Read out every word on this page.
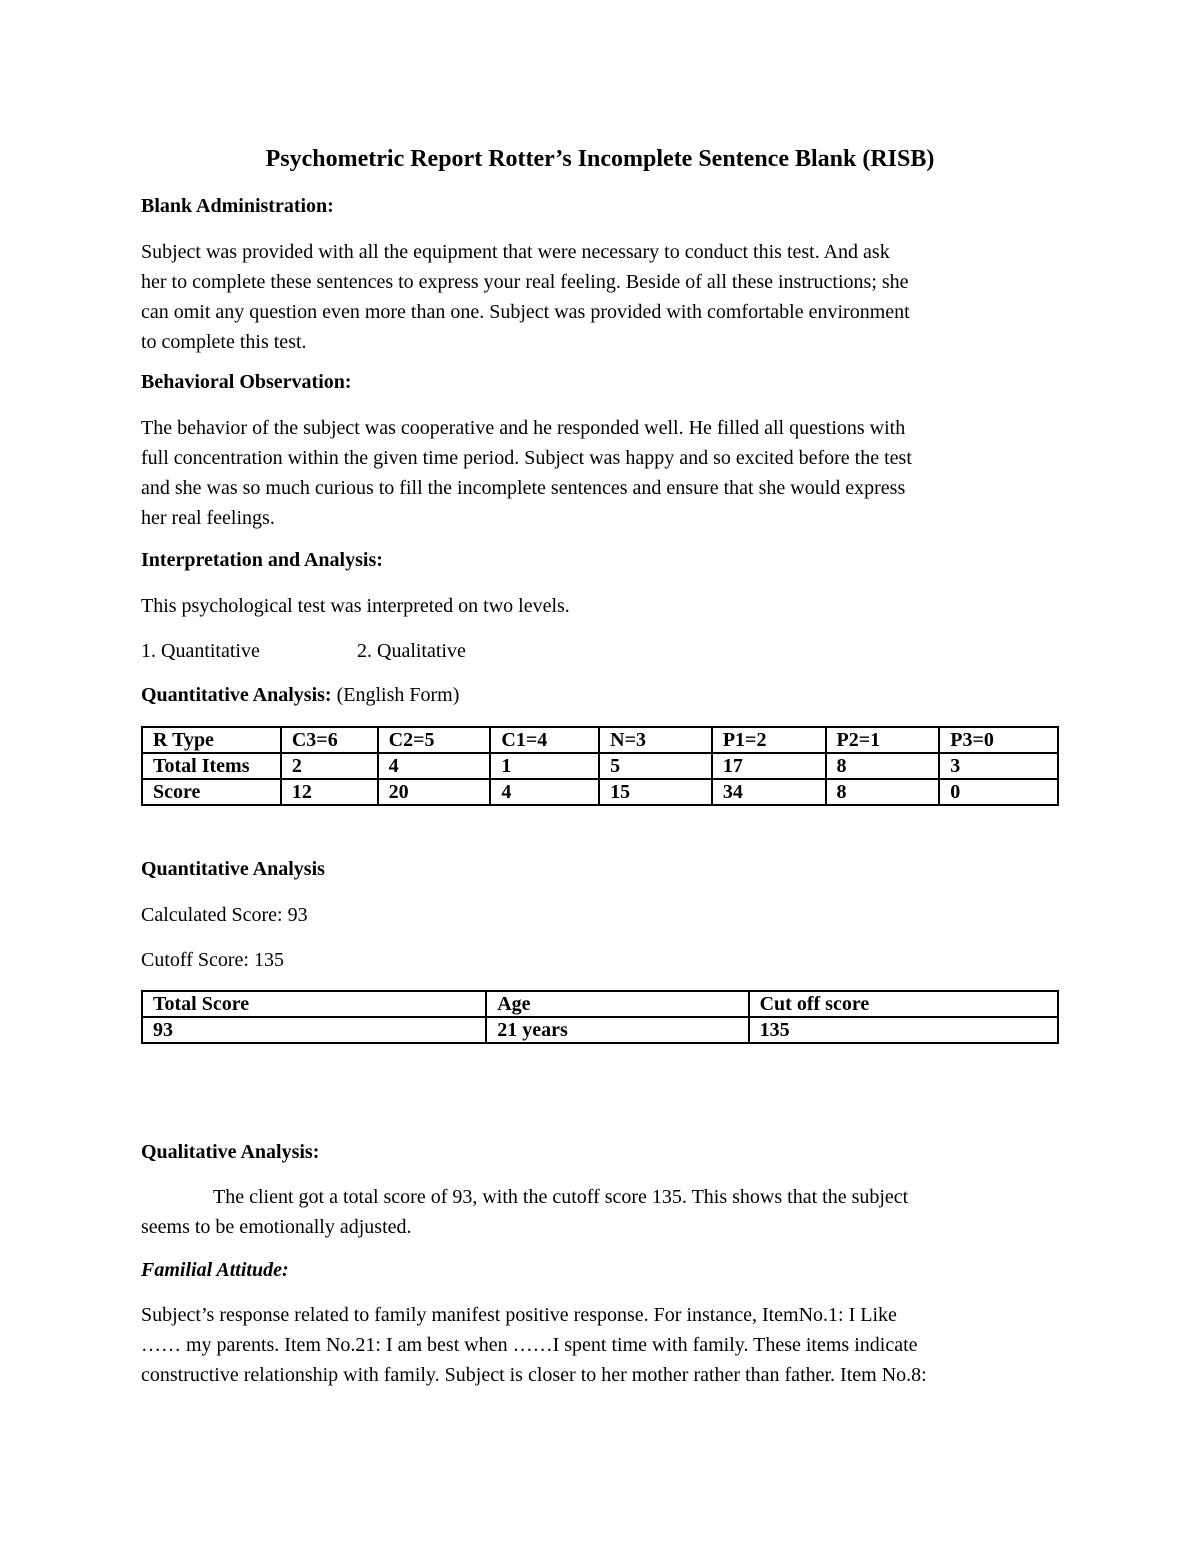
Psychometric Report Rotter’s Incomplete Sentence Blank (RISB)
Blank Administration:
Subject was provided with all the equipment that were necessary to conduct this test. And ask
her to complete these sentences to express your real feeling. Beside of all these instructions; she
can omit any question even more than one. Subject was provided with comfortable environment
to complete this test.
Behavioral Observation:
The behavior of the subject was cooperative and he responded well. He filled all questions with
full concentration within the given time period. Subject was happy and so excited before the test
and she was so much curious to fill the incomplete sentences and ensure that she would express
her real feelings.
Interpretation and Analysis:
This psychological test was interpreted on two levels.
1. Quantitative	2. Qualitative
Quantitative Analysis: (English Form)
R Type	C3=6	C2=5	C1=4	N=3	P1=2	P2=1	P3=0
Total Items	2	4	1	5	17	8	3
Score	12	20	4	15	34	8	0
Quantitative Analysis
Calculated Score: 93
Cutoff Score: 135
Total Score	Age	Cut off score
93	21 years	135
Qualitative Analysis:
The client got a total score of 93, with the cutoff score 135. This shows that the subject
seems to be emotionally adjusted.
Familial Attitude:
Subject’s response related to family manifest positive response. For instance, ItemNo.1: I Like
…… my parents. Item No.21: I am best when ……I spent time with family. These items indicate
constructive relationship with family. Subject is closer to her mother rather than father. Item No.8:
